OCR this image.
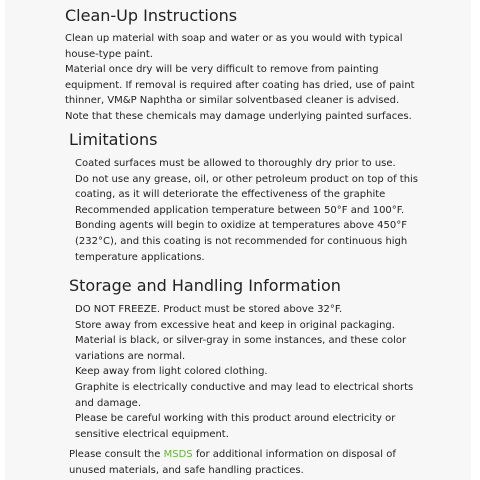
Clean-Up Instructions

Clean up material with soap and water or as you would with typical house-type paint.

Material once dry will be very difficult to remove from painting equipment. If removal is required after coating has dried, use of paint thinner, VM&P Naphtha or similar solventbased cleaner is advised. Note that these chemicals may damage underlying painted surfaces.

Limitations

Coated surfaces must be allowed to thoroughly dry prior to use.

Do not use any grease, oil, or other petroleum product on top of this coating, as it will deteriorate the effectiveness of the graphite

Recommended application temperature between 50°F and 100°F.

Bonding agents will begin to oxidize at temperatures above 450°F (232°C), and this coating is not recommended for continuous high temperature applications.

Storage and Handling Information

DO NOT FREEZE. Product must be stored above 32°F.

Store away from excessive heat and keep in original packaging.

Material is black, or silver-gray in some instances, and these color variations are normal.

Keep away from light colored clothing.

Graphite is electrically conductive and may lead to electrical shorts and damage.

Please be careful working with this product around electricity or sensitive electrical equipment.

Please consult the MSDS for additional information on disposal of unused materials, and safe handling practices.
